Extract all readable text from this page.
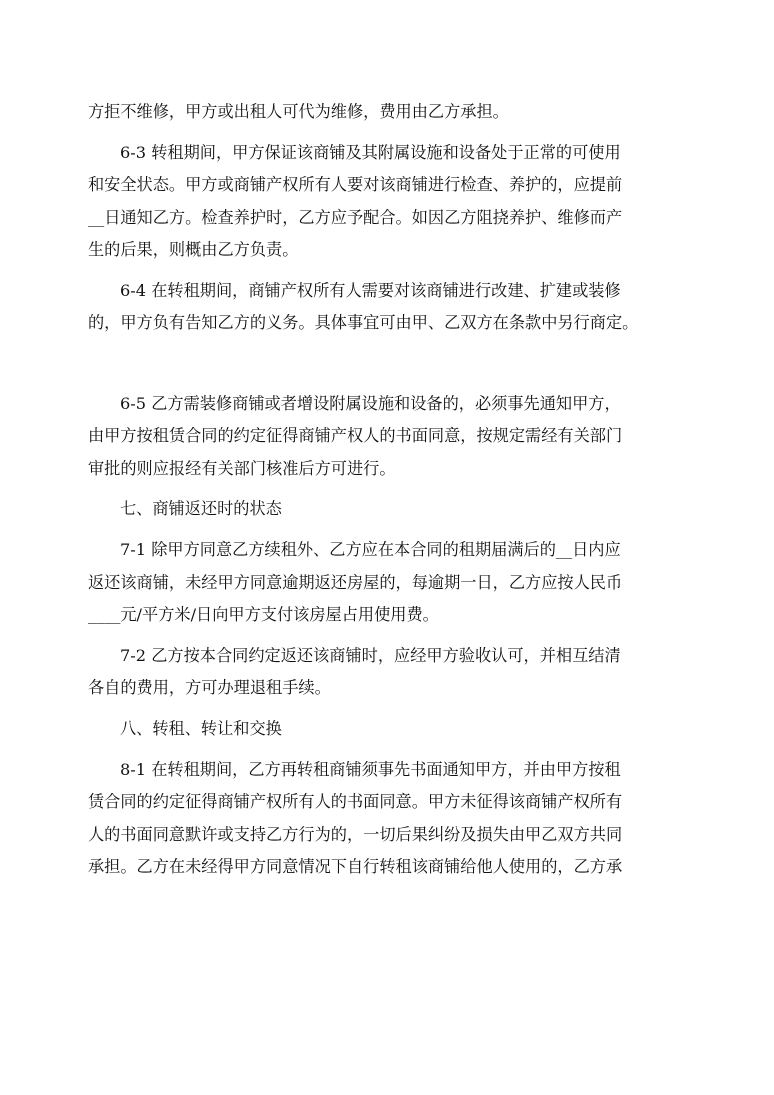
方拒不维修，甲方或出租人可代为维修，费用由乙方承担。
6-3 转租期间，甲方保证该商铺及其附属设施和设备处于正常的可使用
和安全状态。甲方或商铺产权所有人要对该商铺进行检查、养护的，应提前
__日通知乙方。检查养护时，乙方应予配合。如因乙方阻挠养护、维修而产
生的后果，则概由乙方负责。
6-4 在转租期间，商铺产权所有人需要对该商铺进行改建、扩建或装修
的，甲方负有告知乙方的义务。具体事宜可由甲、乙双方在条款中另行商定。
6-5 乙方需装修商铺或者增设附属设施和设备的，必须事先通知甲方，
由甲方按租赁合同的约定征得商铺产权人的书面同意，按规定需经有关部门
审批的则应报经有关部门核准后方可进行。
七、商铺返还时的状态
7-1 除甲方同意乙方续租外、乙方应在本合同的租期届满后的__日内应
返还该商铺，未经甲方同意逾期返还房屋的，每逾期一日，乙方应按人民币
____元/平方米/日向甲方支付该房屋占用使用费。
7-2 乙方按本合同约定返还该商铺时，应经甲方验收认可，并相互结清
各自的费用，方可办理退租手续。
八、转租、转让和交换
8-1 在转租期间，乙方再转租商铺须事先书面通知甲方，并由甲方按租
赁合同的约定征得商铺产权所有人的书面同意。甲方未征得该商铺产权所有
人的书面同意默许或支持乙方行为的，一切后果纠纷及损失由甲乙双方共同
承担。乙方在未经得甲方同意情况下自行转租该商铺给他人使用的，乙方承
